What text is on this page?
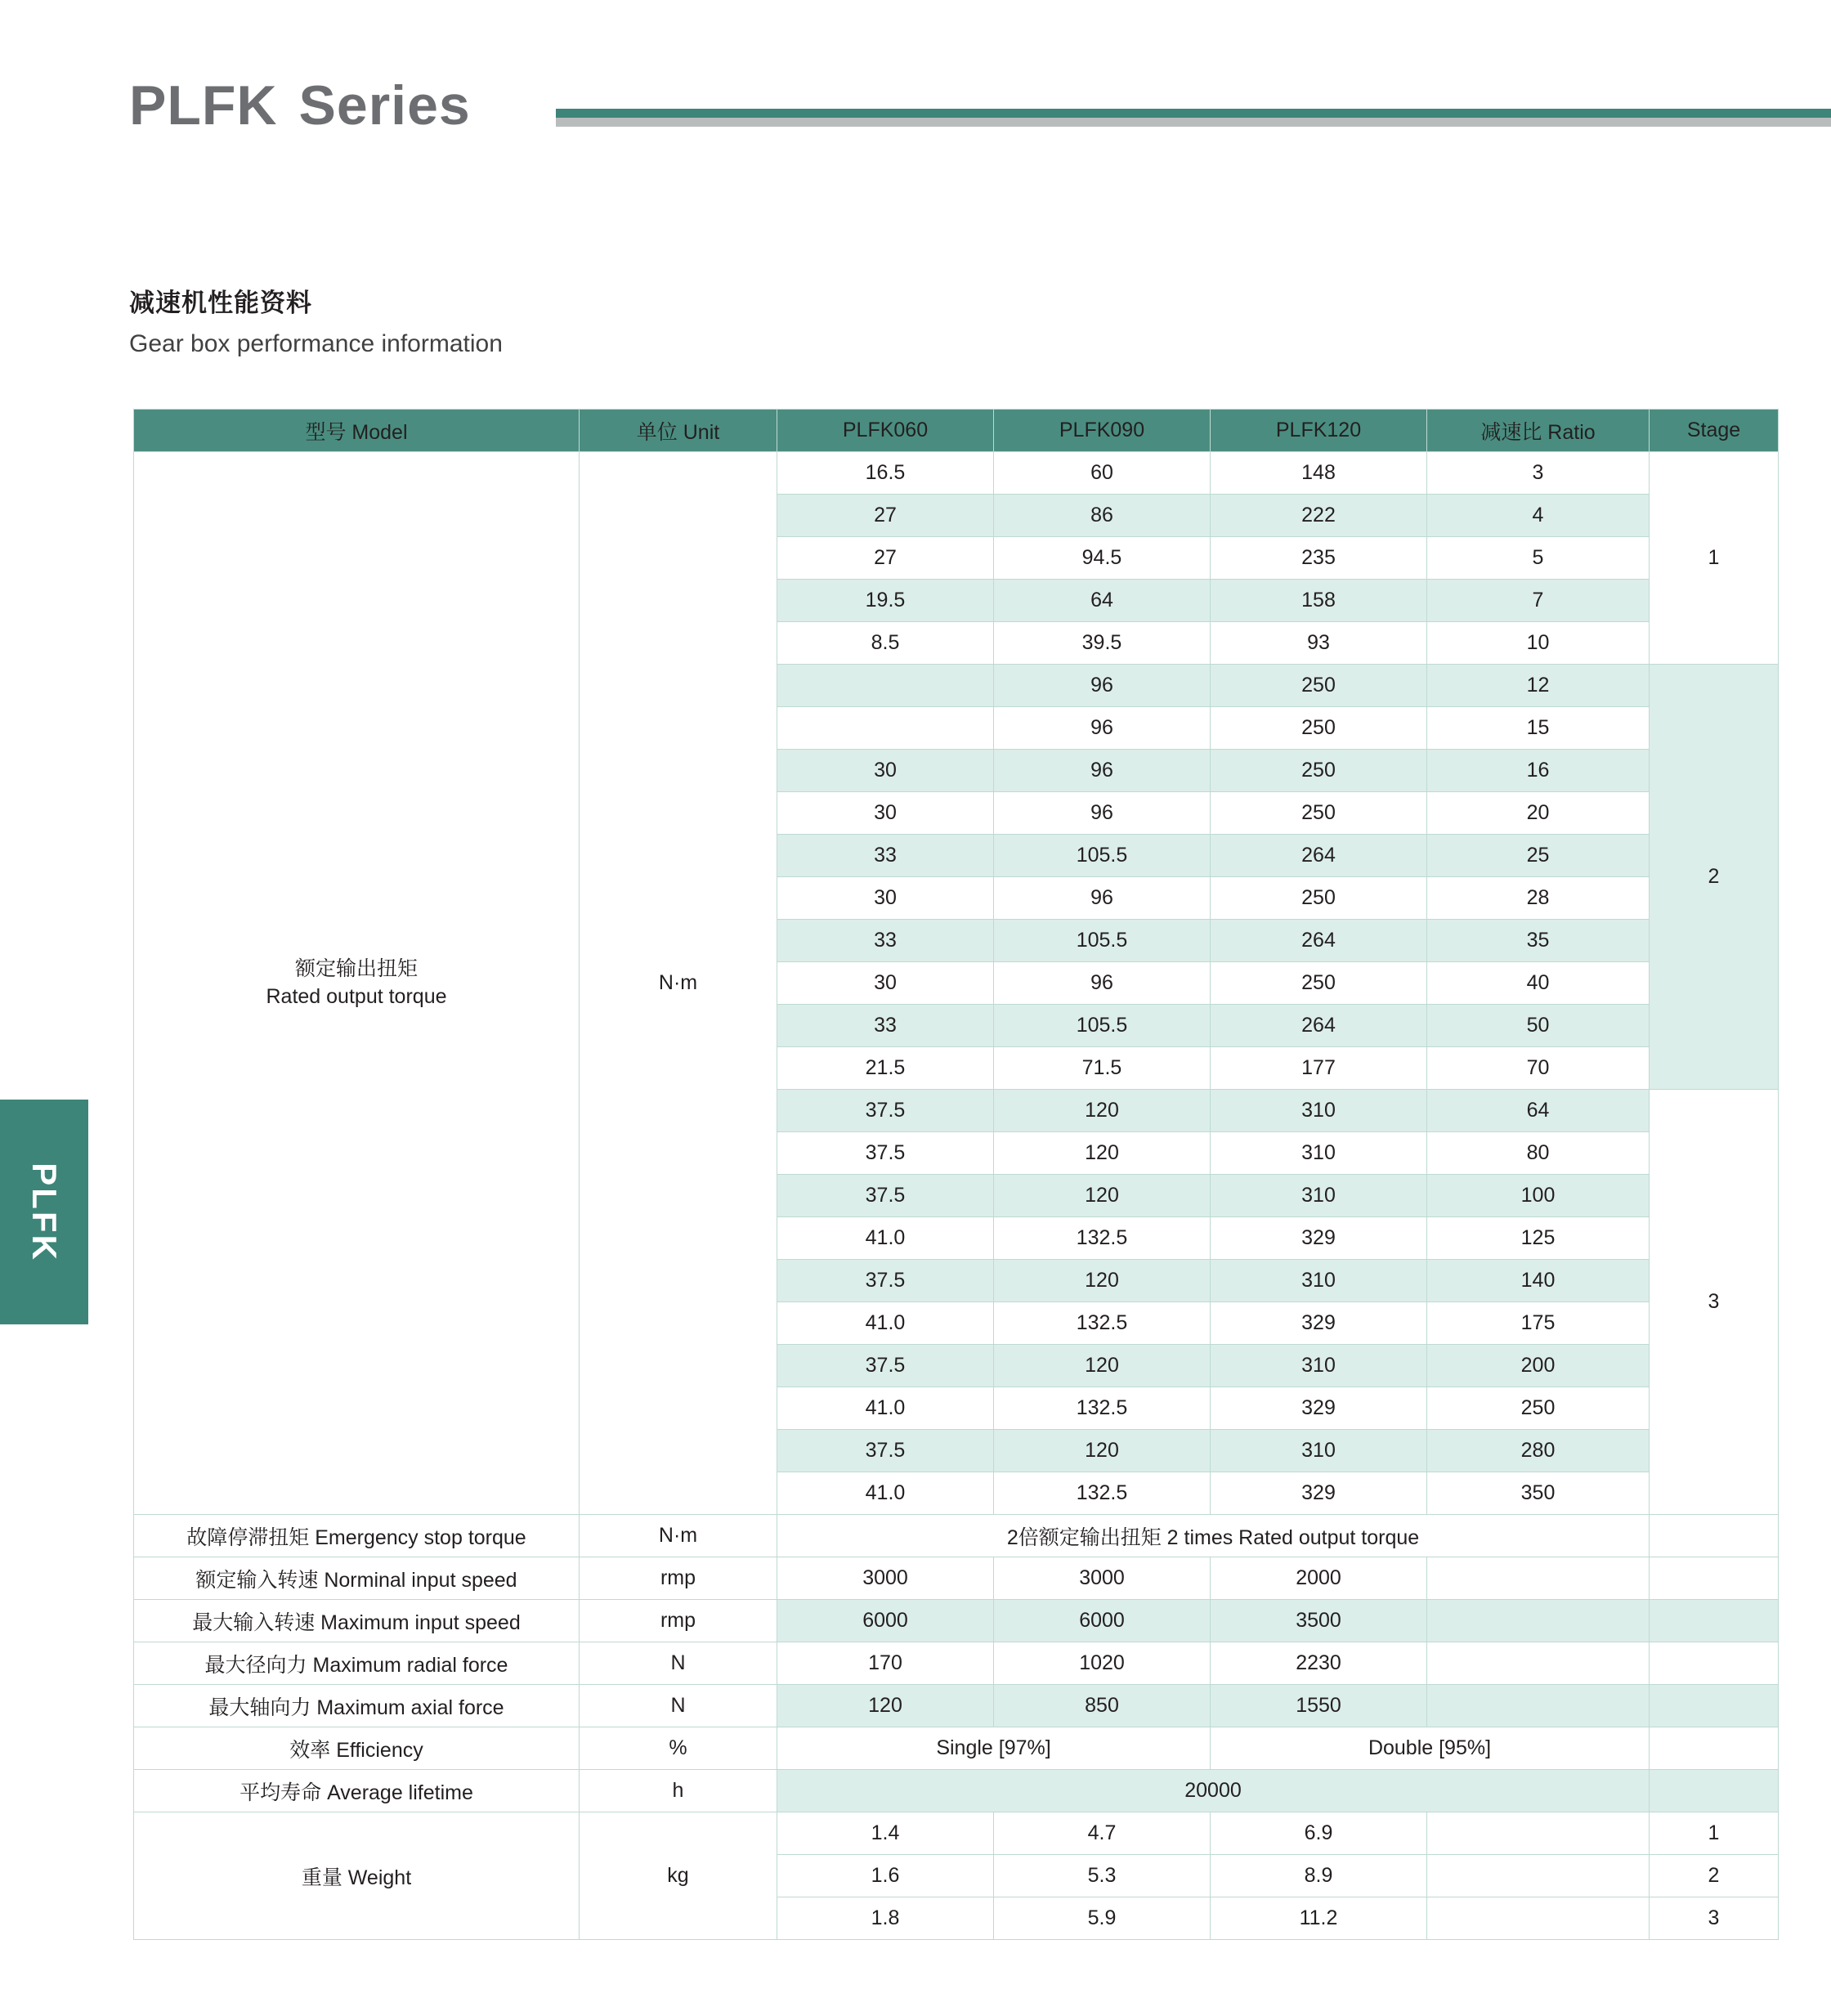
PLFK Series
PLFK

减速机性能资料

Gear box performance information

型号 Model	单位 Unit	PLFK060	PLFK090	PLFK120	减速比 Ratio	Stage

额定输出扭矩
Rated output torque	N·m	16.5	60	148	3	1
		27	86	222	4	
		27	94.5	235	5	
		19.5	64	158	7	
		8.5	39.5	93	10	
			96	250	12	2
			96	250	15	
		30	96	250	16	
		30	96	250	20	
		33	105.5	264	25	
		30	96	250	28	
		33	105.5	264	35	
		30	96	250	40	
		33	105.5	264	50	
		21.5	71.5	177	70	
		37.5	120	310	64	3
		37.5	120	310	80	
		37.5	120	310	100	
		41.0	132.5	329	125	
		37.5	120	310	140	
		41.0	132.5	329	175	
		37.5	120	310	200	
		41.0	132.5	329	250	
		37.5	120	310	280	
		41.0	132.5	329	350	
故障停滞扭矩 Emergency stop torque	N·m	2倍额定输出扭矩 2 times Rated output torque				
额定输入转速 Norminal input speed	rmp	3000	3000	2000		
最大输入转速 Maximum input speed	rmp	6000	6000	3500		
最大径向力 Maximum radial force	N	170	1020	2230		
最大轴向力 Maximum axial force	N	120	850	1550		
效率 Efficiency	%	Single [97%]		Double [95%]		
平均寿命 Average lifetime	h	20000				
重量 Weight	kg	1.4	4.7	6.9		1
		1.6	5.3	8.9		2
		1.8	5.9	11.2		3
